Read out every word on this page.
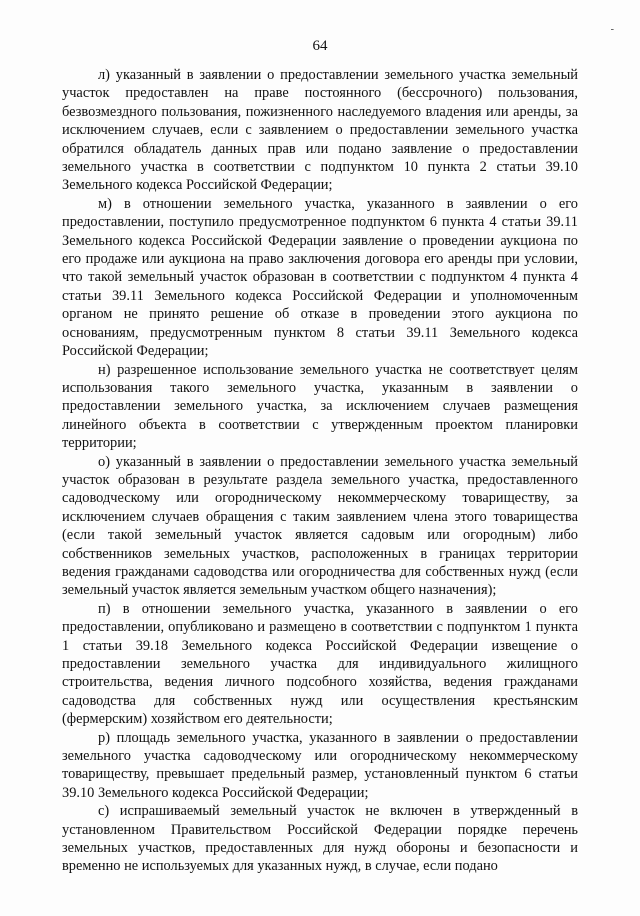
-
64

л) указанный в заявлении о предоставлении земельного участка земельный участок предоставлен на праве постоянного (бессрочного) пользования, безвозмездного пользования, пожизненного наследуемого владения или аренды, за исключением случаев, если с заявлением о предоставлении земельного участка обратился обладатель данных прав или подано заявление о предоставлении земельного участка в соответствии с подпунктом 10 пункта 2 статьи 39.10 Земельного кодекса Российской Федерации;

м) в отношении земельного участка, указанного в заявлении о его предоставлении, поступило предусмотренное подпунктом 6 пункта 4 статьи 39.11 Земельного кодекса Российской Федерации заявление о проведении аукциона по его продаже или аукциона на право заключения договора его аренды при условии, что такой земельный участок образован в соответствии с подпунктом 4 пункта 4 статьи 39.11 Земельного кодекса Российской Федерации и уполномоченным органом не принято решение об отказе в проведении этого аукциона по основаниям, предусмотренным пунктом 8 статьи 39.11 Земельного кодекса Российской Федерации;

н) разрешенное использование земельного участка не соответствует целям использования такого земельного участка, указанным в заявлении о предоставлении земельного участка, за исключением случаев размещения линейного объекта в соответствии с утвержденным проектом планировки территории;

о) указанный в заявлении о предоставлении земельного участка земельный участок образован в результате раздела земельного участка, предоставленного садоводческому или огородническому некоммерческому товариществу, за исключением случаев обращения с таким заявлением члена этого товарищества (если такой земельный участок является садовым или огородным) либо собственников земельных участков, расположенных в границах территории ведения гражданами садоводства или огородничества для собственных нужд (если земельный участок является земельным участком общего назначения);

п) в отношении земельного участка, указанного в заявлении о его предоставлении, опубликовано и размещено в соответствии с подпунктом 1 пункта 1 статьи 39.18 Земельного кодекса Российской Федерации извещение о предоставлении земельного участка для индивидуального жилищного строительства, ведения личного подсобного хозяйства, ведения гражданами садоводства для собственных нужд или осуществления крестьянским (фермерским) хозяйством его деятельности;

р) площадь земельного участка, указанного в заявлении о предоставлении земельного участка садоводческому или огородническому некоммерческому товариществу, превышает предельный размер, установленный пунктом 6 статьи 39.10 Земельного кодекса Российской Федерации;

с) испрашиваемый земельный участок не включен в утвержденный в установленном Правительством Российской Федерации порядке перечень земельных участков, предоставленных для нужд обороны и безопасности и временно не используемых для указанных нужд, в случае, если подано
